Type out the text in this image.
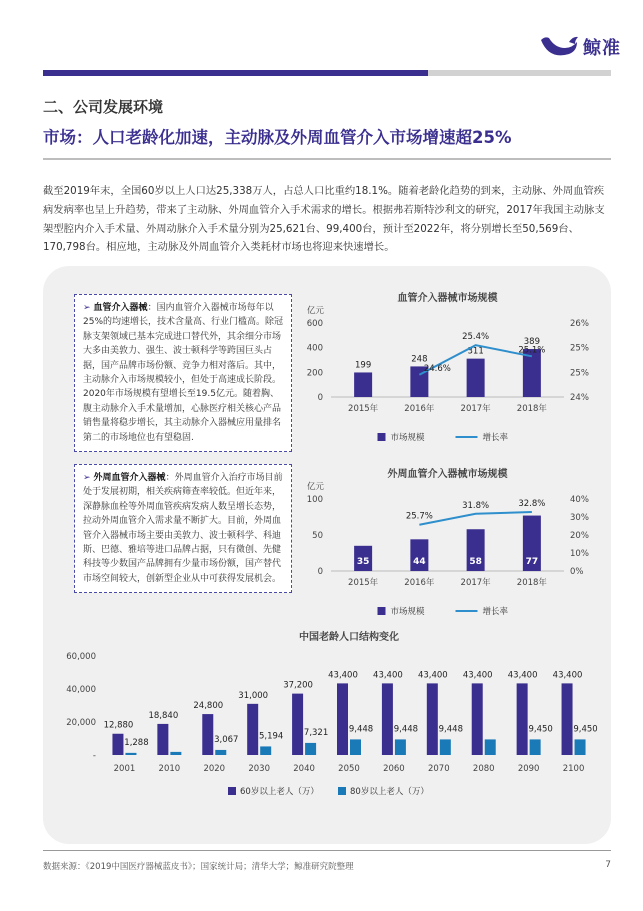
鲸准
二、公司发展环境
市场：人口老龄化加速，主动脉及外周血管介入市场增速超25%

截至2019年末，全国60岁以上人口达25,338万人，占总人口比重约18.1%。随着老龄化趋势的到来，主动脉、外周血管疾病发病率也呈上升趋势，带来了主动脉、外周血管介入手术需求的增长。根据弗若斯特沙利文的研究，2017年我国主动脉支架型腔内介入手术量、外周动脉介入手术量分别为25,621台、99,400台，预计至2022年，将分别增长至50,569台、170,798台。相应地，主动脉及外周血管介入类耗材市场也将迎来快速增长。

➢ 血管介入器械：国内血管介入器械市场每年以25%的均速增长，技术含量高、行业门槛高。除冠脉支架领域已基本完成进口替代外，其余细分市场大多由美敦力、强生、波士顿科学等跨国巨头占据，国产品牌市场份额、竞争力相对落后。其中，主动脉介入市场规模较小，但处于高速成长阶段。2020年市场规模有望增长至19.5亿元。随着胸、腹主动脉介入手术量增加，心脉医疗相关核心产品销售量将稳步增长，其主动脉介入器械应用量排名第二的市场地位也有望稳固.
➢ 外周血管介入器械：外周血管介入治疗市场目前处于发展初期，相关疾病筛查率较低。但近年来，深静脉血栓等外周血管疾病发病人数呈增长态势，拉动外周血管介入需求量不断扩大。目前，外周血管介入器械市场主要由美敦力、波士顿科学、科迪斯、巴德、雅培等进口品牌占据，只有微创、先健科技等少数国产品牌拥有少量市场份额，国产替代市场空间较大，创新型企业从中可获得发展机会。
血管介入器械市场规模
亿元
0
200
400
600
24%
25%
25%
26%
199
2015年
248
2016年
311
2017年
389
2018年
24.6%
25.4%
25.1%
市场规模	增长率
外周血管介入器械市场规模
亿元
0
50
100
0%
10%
20%
30%
40%
35
2015年
44
2016年
58
2017年
77
2018年
25.7%
31.8%	32.8%
市场规模	增长率
中国老龄人口结构变化
-
20,000
40,000
60,000
12,880
1,288
2001
18,840
2010
24,800
3,067
2020
31,000
5,194
2030
37,200
7,321
2040
43,400
9,448
2050
43,400
9,448
2060
43,400
9,448
2070
43,400
2080
43,400
9,450
2090
43,400
9,450
2100
60岁以上老人（万）	80岁以上老人（万）
数据来源：《2019中国医疗器械蓝皮书》；国家统计局；清华大学；鲸准研究院整理	7
